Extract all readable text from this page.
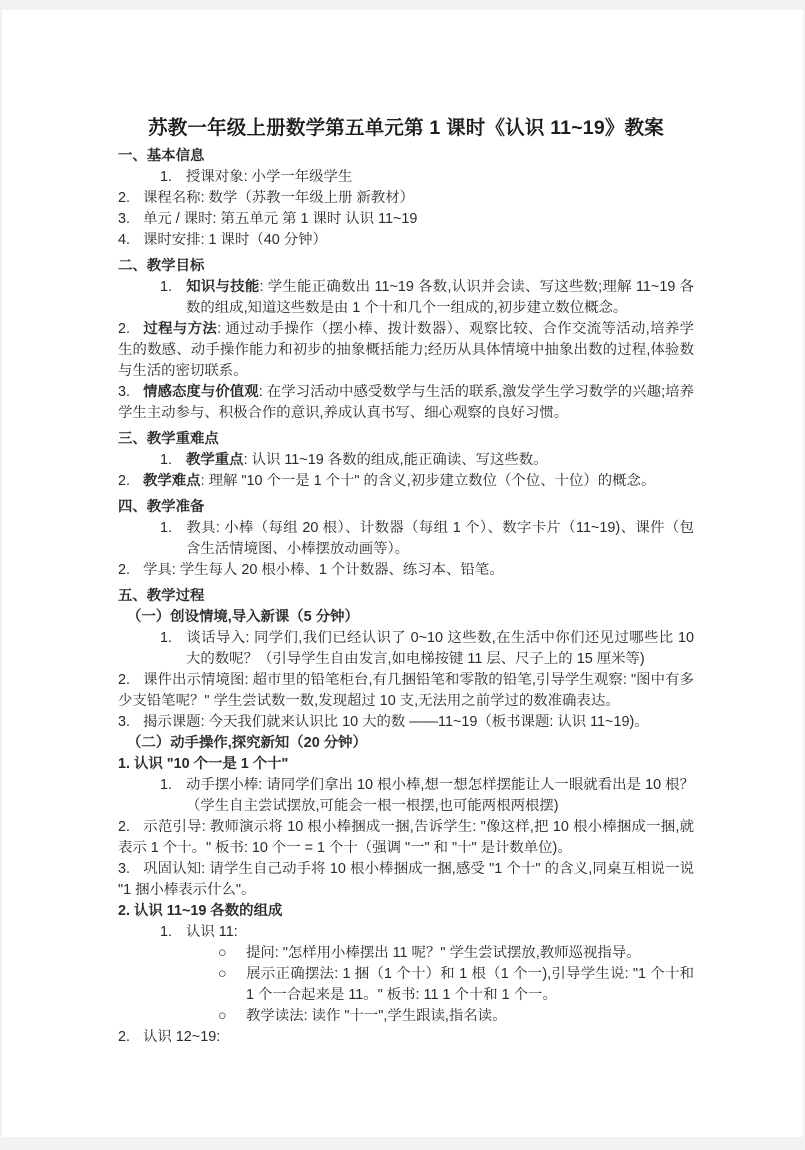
苏教一年级上册数学第五单元第 1 课时《认识 11~19》教案
一、基本信息
1. 授课对象: 小学一年级学生
2. 课程名称: 数学（苏教一年级上册 新教材）
3. 单元 / 课时: 第五单元 第 1 课时 认识 11~19
4. 课时安排: 1 课时（40 分钟）
二、教学目标
1. 知识与技能: 学生能正确数出 11~19 各数,认识并会读、写这些数;理解 11~19 各数的组成,知道这些数是由 1 个十和几个一组成的,初步建立数位概念。
2. 过程与方法: 通过动手操作（摆小棒、拨计数器）、观察比较、合作交流等活动,培养学生的数感、动手操作能力和初步的抽象概括能力;经历从具体情境中抽象出数的过程,体验数与生活的密切联系。
3. 情感态度与价值观: 在学习活动中感受数学与生活的联系,激发学生学习数学的兴趣;培养学生主动参与、积极合作的意识,养成认真书写、细心观察的良好习惯。
三、教学重难点
1. 教学重点: 认识 11~19 各数的组成,能正确读、写这些数。
2. 教学难点: 理解 "10 个一是 1 个十" 的含义,初步建立数位（个位、十位）的概念。
四、教学准备
1. 教具: 小棒（每组 20 根）、计数器（每组 1 个）、数字卡片（11~19)、课件（包含生活情境图、小棒摆放动画等）。
2. 学具: 学生每人 20 根小棒、1 个计数器、练习本、铅笔。
五、教学过程
（一）创设情境,导入新课（5 分钟）
1. 谈话导入: 同学们,我们已经认识了 0~10 这些数,在生活中你们还见过哪些比 10 大的数呢？（引导学生自由发言,如电梯按键 11 层、尺子上的 15 厘米等)
2. 课件出示情境图: 超市里的铅笔柜台,有几捆铅笔和零散的铅笔,引导学生观察: "图中有多少支铅笔呢？" 学生尝试数一数,发现超过 10 支,无法用之前学过的数准确表达。
3. 揭示课题: 今天我们就来认识比 10 大的数 ——11~19（板书课题: 认识 11~19)。
（二）动手操作,探究新知（20 分钟）
1. 认识 "10 个一是 1 个十"
1. 动手摆小棒: 请同学们拿出 10 根小棒,想一想怎样摆能让人一眼就看出是 10 根？（学生自主尝试摆放,可能会一根一根摆,也可能两根两根摆)
2. 示范引导: 教师演示将 10 根小棒捆成一捆,告诉学生: "像这样,把 10 根小棒捆成一捆,就表示 1 个十。" 板书: 10 个一 = 1 个十（强调 "一" 和 "十" 是计数单位)。
3. 巩固认知: 请学生自己动手将 10 根小棒捆成一捆,感受 "1 个十" 的含义,同桌互相说一说 "1 捆小棒表示什么"。
2. 认识 11~19 各数的组成
1. 认识 11:
○ 提问: "怎样用小棒摆出 11 呢？" 学生尝试摆放,教师巡视指导。
○ 展示正确摆法: 1 捆（1 个十）和 1 根（1 个一),引导学生说: "1 个十和 1 个一合起来是 11。" 板书: 11 1 个十和 1 个一。
○ 教学读法: 读作 "十一",学生跟读,指名读。
2. 认识 12~19:
